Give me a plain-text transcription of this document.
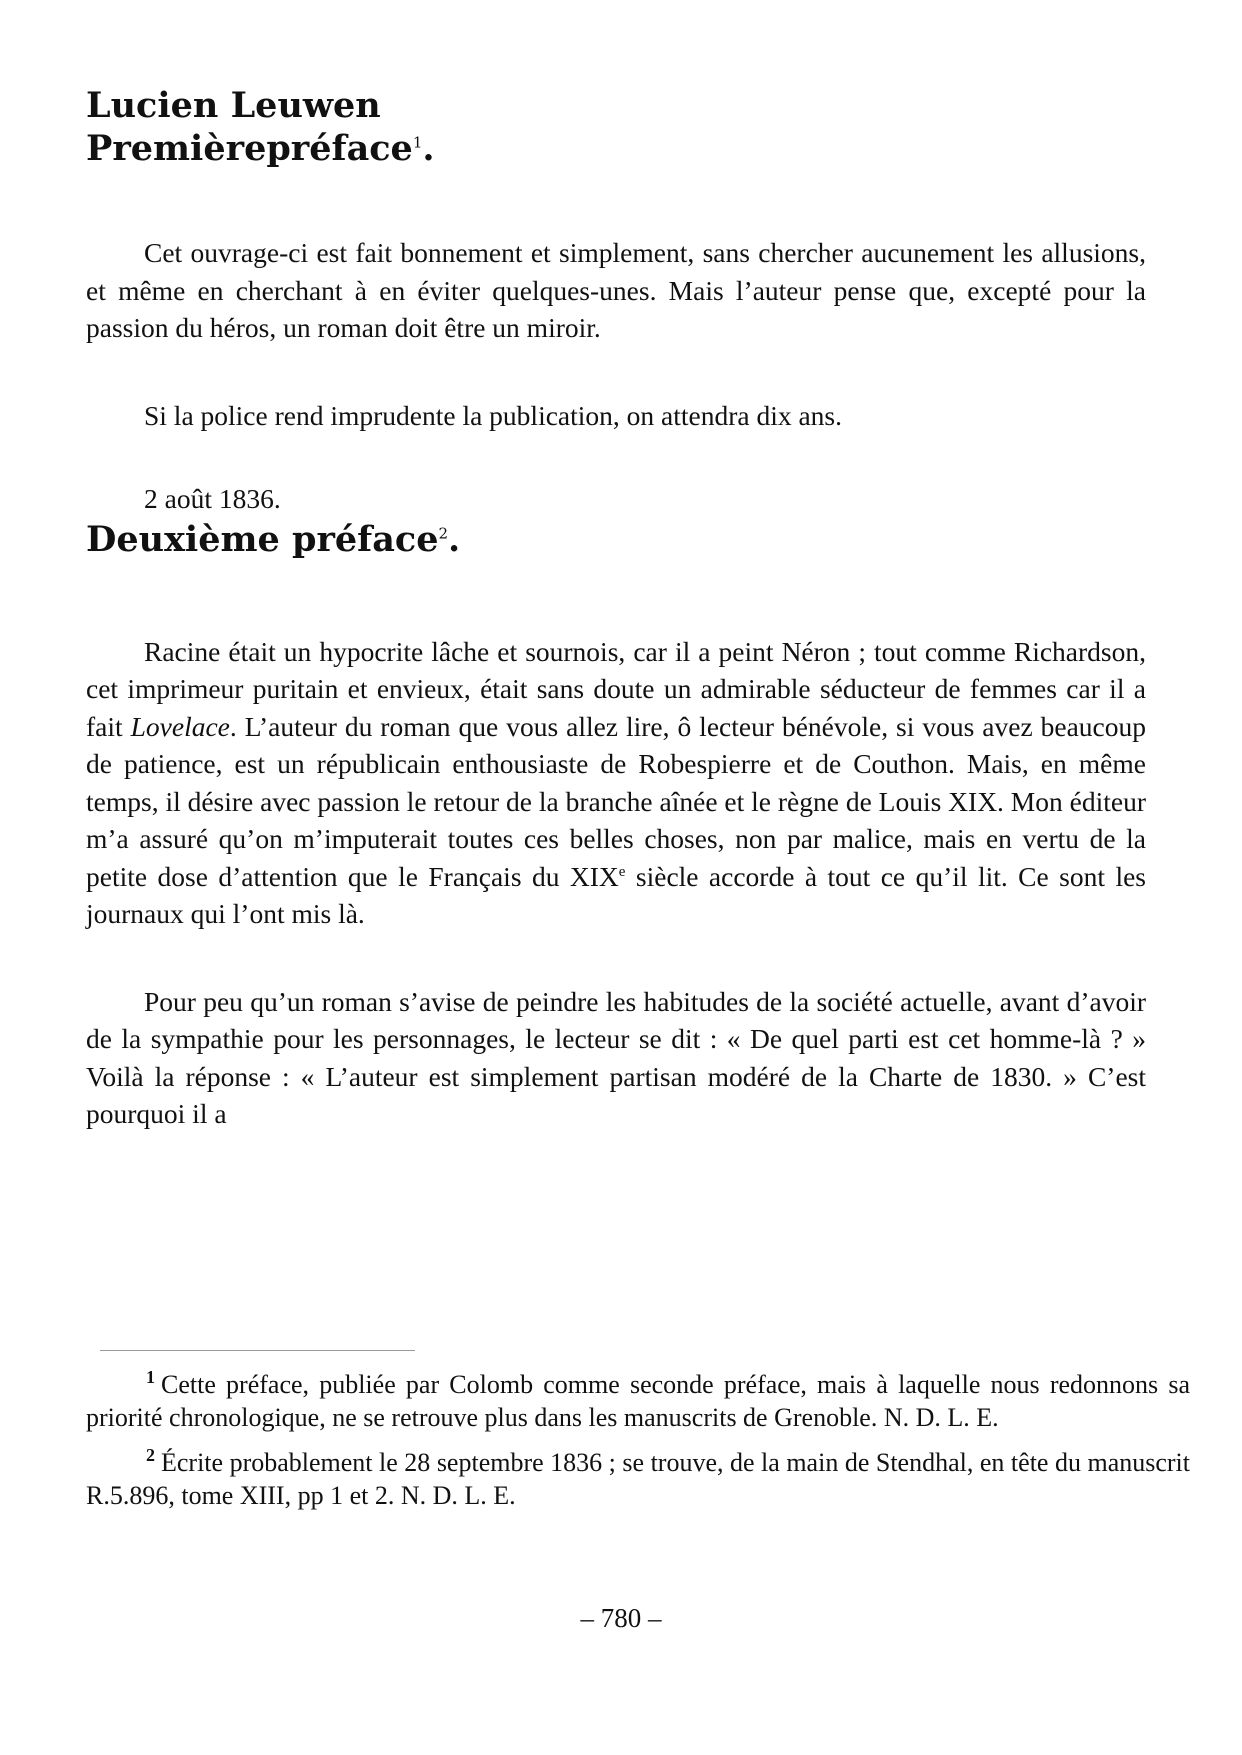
Lucien Leuwen
Premièrepréface$^1$.

Cet ouvrage-ci est fait bonnement et simplement, sans chercher aucunement les allusions, et même en cherchant à en éviter quelques-unes. Mais l’auteur pense que, excepté pour la passion du héros, un roman doit être un miroir.

Si la police rend imprudente la publication, on attendra dix ans.

2 août 1836.

Deuxième préface$^2$.

Racine était un hypocrite lâche et sournois, car il a peint Néron ; tout comme Richardson, cet imprimeur puritain et envieux, était sans doute un admirable séducteur de femmes car il a fait Lovelace. L’auteur du roman que vous allez lire, ô lecteur bénévole, si vous avez beaucoup de patience, est un républicain enthousiaste de Robespierre et de Couthon. Mais, en même temps, il désire avec passion le retour de la branche aînée et le règne de Louis XIX. Mon éditeur m’a assuré qu’on m’imputerait toutes ces belles choses, non par malice, mais en vertu de la petite dose d’attention que le Français du XIXe siècle accorde à tout ce qu’il lit. Ce sont les journaux qui l’ont mis là.

Pour peu qu’un roman s’avise de peindre les habitudes de la société actuelle, avant d’avoir de la sympathie pour les personnages, le lecteur se dit : « De quel parti est cet homme-là ? » Voilà la réponse : « L’auteur est simplement partisan modéré de la Charte de 1830. » C’est pourquoi il a

$^1$ Cette préface, publiée par Colomb comme seconde préface, mais à laquelle nous redonnons sa priorité chronologique, ne se retrouve plus dans les manuscrits de Grenoble. N. D. L. E.

$^2$ Écrite probablement le 28 septembre 1836 ; se trouve, de la main de Stendhal, en tête du manuscrit R.5.896, tome XIII, pp 1 et 2. N. D. L. E.

– 780 –
